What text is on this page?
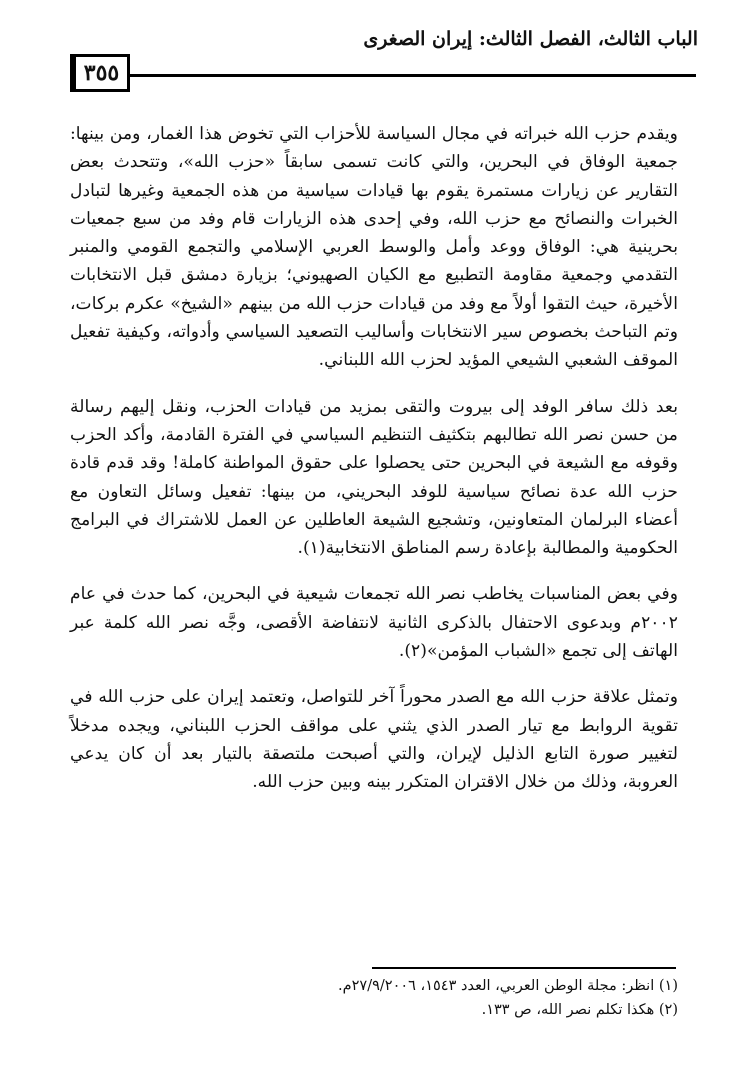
الباب الثالث، الفصل الثالث: إيران الصغرى
٣٥٥

ويقدم حزب الله خبراته في مجال السياسة للأحزاب التي تخوض هذا الغمار، ومن بينها: جمعية الوفاق في البحرين، والتي كانت تسمى سابقاً «حزب الله»، وتتحدث بعض التقارير عن زيارات مستمرة يقوم بها قيادات سياسية من هذه الجمعية وغيرها لتبادل الخبرات والنصائح مع حزب الله، وفي إحدى هذه الزيارات قام وفد من سبع جمعيات بحرينية هي: الوفاق ووعد وأمل والوسط العربي الإسلامي والتجمع القومي والمنبر التقدمي وجمعية مقاومة التطبيع مع الكيان الصهيوني؛ بزيارة دمشق قبل الانتخابات الأخيرة، حيث التقوا أولاً مع وفد من قيادات حزب الله من بينهم «الشيخ» عكرم بركات، وتم التباحث بخصوص سير الانتخابات وأساليب التصعيد السياسي وأدواته، وكيفية تفعيل الموقف الشعبي الشيعي المؤيد لحزب الله اللبناني.

بعد ذلك سافر الوفد إلى بيروت والتقى بمزيد من قيادات الحزب، ونقل إليهم رسالة من حسن نصر الله تطالبهم بتكثيف التنظيم السياسي في الفترة القادمة، وأكد الحزب وقوفه مع الشيعة في البحرين حتى يحصلوا على حقوق المواطنة كاملة! وقد قدم قادة حزب الله عدة نصائح سياسية للوفد البحريني، من بينها: تفعيل وسائل التعاون مع أعضاء البرلمان المتعاونين، وتشجيع الشيعة العاطلين عن العمل للاشتراك في البرامج الحكومية والمطالبة بإعادة رسم المناطق الانتخابية(١).

وفي بعض المناسبات يخاطب نصر الله تجمعات شيعية في البحرين، كما حدث في عام ٢٠٠٢م وبدعوى الاحتفال بالذكرى الثانية لانتفاضة الأقصى، وجَّه نصر الله كلمة عبر الهاتف إلى تجمع «الشباب المؤمن»(٢).

وتمثل علاقة حزب الله مع الصدر محوراً آخر للتواصل، وتعتمد إيران على حزب الله في تقوية الروابط مع تيار الصدر الذي يثني على مواقف الحزب اللبناني، ويجده مدخلاً لتغيير صورة التابع الذليل لإيران، والتي أصبحت ملتصقة بالتيار بعد أن كان يدعي العروبة، وذلك من خلال الاقتران المتكرر بينه وبين حزب الله.

(١) انظر: مجلة الوطن العربي، العدد ١٥٤٣، ٢٧/٩/٢٠٠٦م.
(٢) هكذا تكلم نصر الله، ص ١٣٣.
